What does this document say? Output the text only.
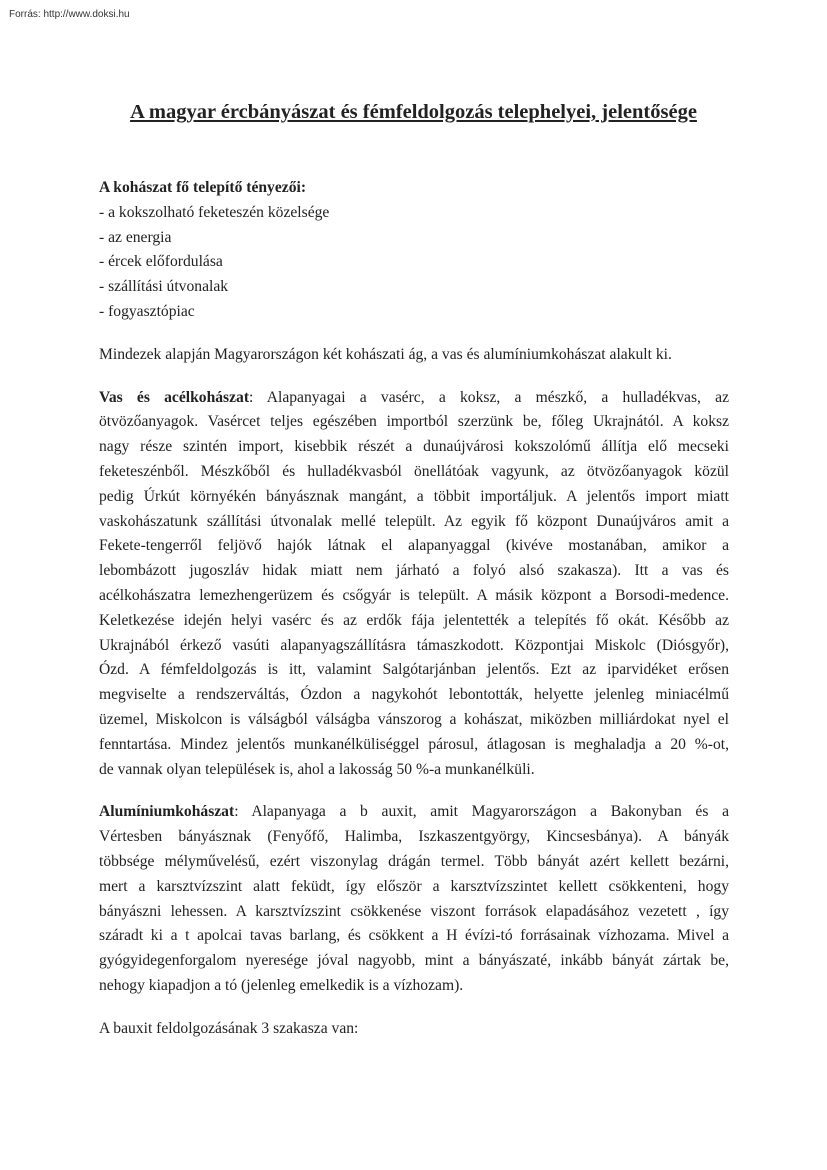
Forrás: http://www.doksi.hu
A magyar ércbányászat és fémfeldolgozás telephelyei, jelentősége
A kohászat fő telepítő tényezői:
- a kokszolható feketeszén közelsége
- az energia
- ércek előfordulása
- szállítási útvonalak
- fogyasztópiac
Mindezek alapján Magyarországon két kohászati ág, a vas és alumíniumkohászat alakult ki.
Vas és acélkohászat: Alapanyagai a vasérc, a koksz, a mészkő, a hulladékvas, az
ötvözőanyagok. Vasércet teljes egészében importból szerzünk be, főleg Ukrajnától. A koksz
nagy része szintén import, kisebbik részét a dunaújvárosi kokszolómű állítja elő mecseki
feketeszénből. Mészkőből és hulladékvasból önellátóak vagyunk, az ötvözőanyagok közül
pedig Úrkút környékén bányásznak mangánt, a többit importáljuk. A jelentős import miatt
vaskohászatunk szállítási útvonalak mellé települt. Az egyik fő központ Dunaújváros amit a
Fekete-tengerről feljövő hajók látnak el alapanyaggal (kivéve mostanában, amikor a
lebombázott jugoszláv hidak miatt nem járható a folyó alsó szakasza). Itt a vas és
acélkohászatra lemezhengerüzem és csőgyár is települt. A másik központ a Borsodi-medence.
Keletkezése idején helyi vasérc és az erdők fája jelentették a telepítés fő okát. Később az
Ukrajnából érkező vasúti alapanyagszállításra támaszkodott. Központjai Miskolc (Diósgyőr),
Ózd. A fémfeldolgozás is itt, valamint Salgótarjánban jelentős. Ezt az iparvidéket erősen
megviselte a rendszerváltás, Ózdon a nagykohót lebontották, helyette jelenleg miniacélmű
üzemel, Miskolcon is válságból válságba vánszorog a kohászat, miközben milliárdokat nyel el
fenntartása. Mindez jelentős munkanélküliséggel párosul, átlagosan is meghaladja a 20 %-ot,
de vannak olyan települések is, ahol a lakosság 50 %-a munkanélküli.
Alumíniumkohászat: Alapanyaga a b auxit, amit Magyarországon a Bakonyban és a
Vértesben bányásznak (Fenyőfő, Halimba, Iszkaszentgyörgy, Kincsesbánya). A bányák
többsége mélyművelésű, ezért viszonylag drágán termel. Több bányát azért kellett bezárni,
mert a karsztvízszint alatt feküdt, így először a karsztvízszintet kellett csökkenteni, hogy
bányászni lehessen. A karsztvízszint csökkenése viszont források elapadásához vezetett , így
száradt ki a t apolcai tavas barlang, és csökkent a H évízi-tó forrásainak vízhozama. Mivel a
gyógyidegenforgalom nyeresége jóval nagyobb, mint a bányászaté, inkább bányát zártak be,
nehogy kiapadjon a tó (jelenleg emelkedik is a vízhozam).
A bauxit feldolgozásának 3 szakasza van:
